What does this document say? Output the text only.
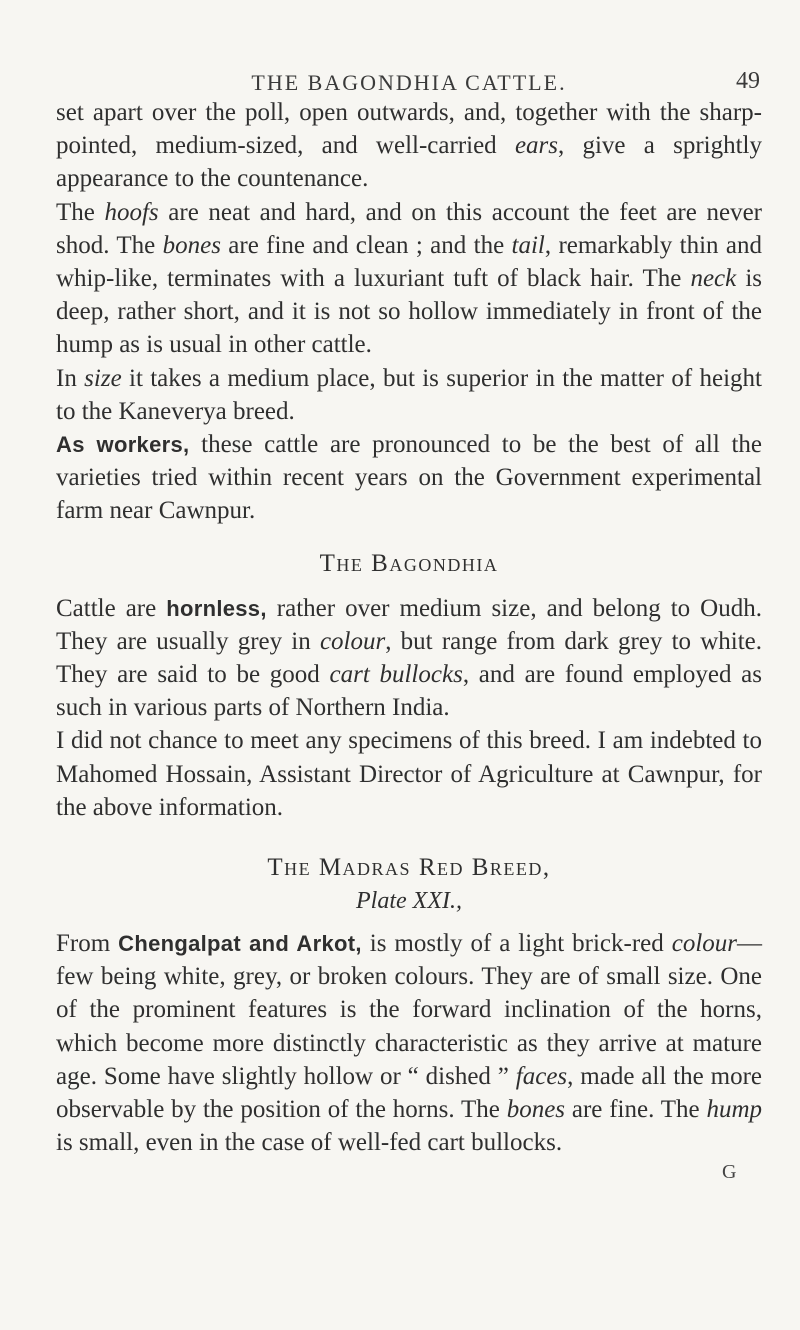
THE BAGONDHIA CATTLE.	49

set apart over the poll, open outwards, and, together with the sharp-pointed, medium-sized, and well-carried ears, give a sprightly appearance to the countenance.

The hoofs are neat and hard, and on this account the feet are never shod. The bones are fine and clean ; and the tail, remarkably thin and whip-like, terminates with a luxuriant tuft of black hair. The neck is deep, rather short, and it is not so hollow immediately in front of the hump as is usual in other cattle.

In size it takes a medium place, but is superior in the matter of height to the Kaneverya breed.

As workers, these cattle are pronounced to be the best of all the varieties tried within recent years on the Government experimental farm near Cawnpur.

The Bagondhia

Cattle are hornless, rather over medium size, and belong to Oudh. They are usually grey in colour, but range from dark grey to white. They are said to be good cart bullocks, and are found employed as such in various parts of Northern India.

I did not chance to meet any specimens of this breed. I am indebted to Mahomed Hossain, Assistant Director of Agriculture at Cawnpur, for the above information.

The Madras Red Breed,
Plate XXI.,

From Chengalpat and Arkot, is mostly of a light brick-red colour—few being white, grey, or broken colours. They are of small size. One of the prominent features is the forward inclination of the horns, which become more distinctly characteristic as they arrive at mature age. Some have slightly hollow or “ dished ” faces, made all the more observable by the position of the horns. The bones are fine. The hump is small, even in the case of well-fed cart bullocks.

G
